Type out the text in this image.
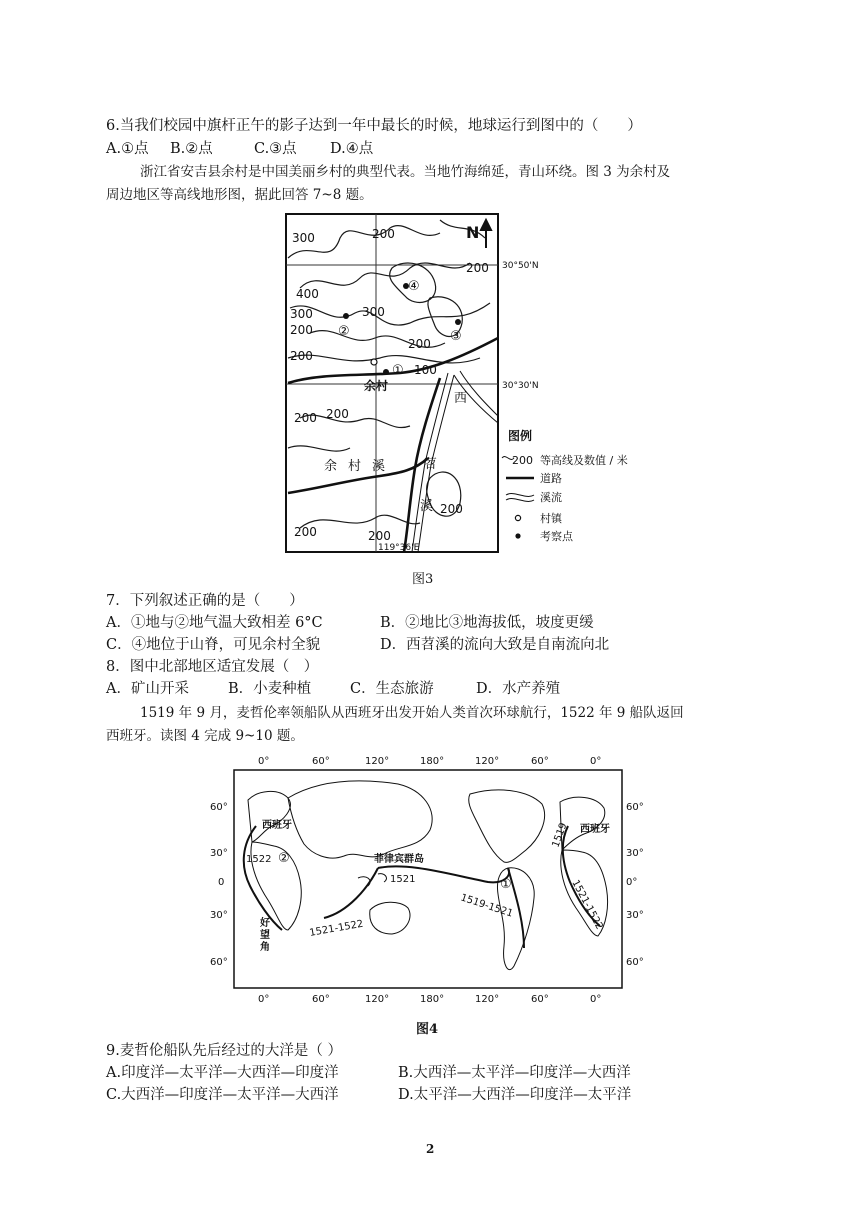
6.当我们校园中旗杆正午的影子达到一年中最长的时候，地球运行到图中的（　　）
A.①点 B.②点	C.③点 D.④点
浙江省安吉县余村是中国美丽乡村的典型代表。当地竹海绵延，青山环绕。图 3 为余村及
周边地区等高线地形图，据此回答 7~8 题。
N
300	200
200
400
300
200
300
200
200
100
200 200
200
200	200
④
②	③
①
余村
西
苕
溪
余 村 溪
30°50'N
30°30'N
119°36'E
图例
200 等高线及数值 / 米
道路
溪流
村镇
考察点
图3
7．下列叙述正确的是（　　）
A．①地与②地气温大致相差 6°C	B．②地比③地海拔低，坡度更缓
C．④地位于山脊，可见余村全貌	D．西苕溪的流向大致是自南流向北
8．图中北部地区适宜发展（　）
A．矿山开采	B．小麦种植	C．生态旅游	D．水产养殖
1519 年 9 月，麦哲伦率领船队从西班牙出发开始人类首次环球航行，1522 年 9 船队返回
西班牙。读图 4 完成 9~10 题。
0°	60°	120°	180°	120°	60°	0°
0°	60°	120°	180°	120°	60°	0°
60°
30°
0
30°
60°
60°
30°
0°
30°
60°
西班牙	西班牙
菲律宾群岛
好
望
角
1522
1521
1519-1521
1521-1522
1519
1521-1522
①
②
图4
9.麦哲伦船队先后经过的大洋是（ ）
A.印度洋—太平洋—大西洋—印度洋	B.大西洋—太平洋—印度洋—大西洋
C.大西洋—印度洋—太平洋—大西洋	D.太平洋—大西洋—印度洋—太平洋
2
